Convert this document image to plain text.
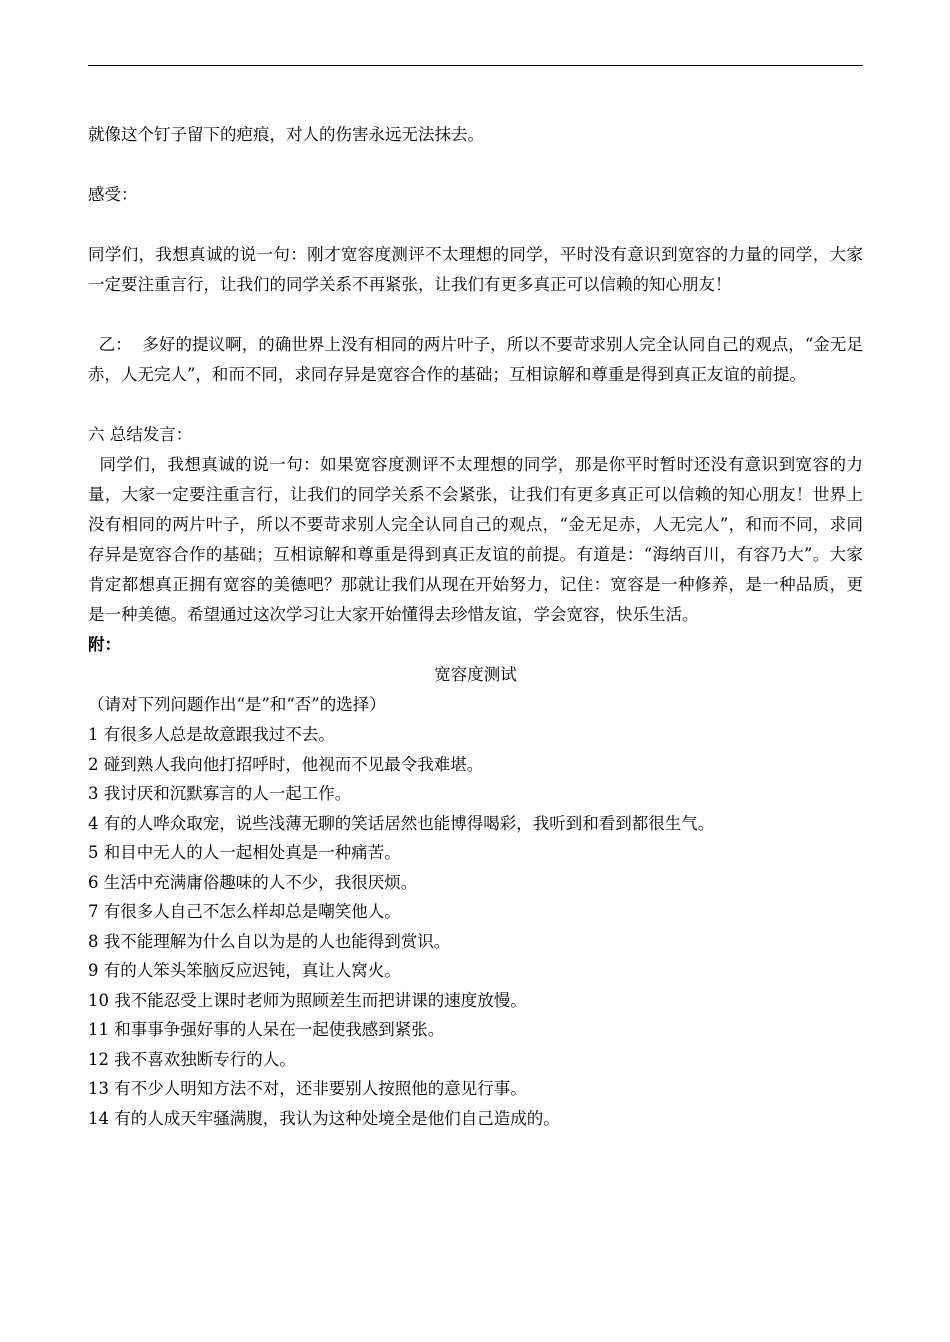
就像这个钉子留下的疤痕，对人的伤害永远无法抹去。

感受：

同学们，我想真诚的说一句：刚才宽容度测评不太理想的同学，平时没有意识到宽容的力量的同学，大家一定要注重言行，让我们的同学关系不再紧张，让我们有更多真正可以信赖的知心朋友！

乙：  多好的提议啊，的确世界上没有相同的两片叶子，所以不要苛求别人完全认同自己的观点，“金无足赤，人无完人”，和而不同，求同存异是宽容合作的基础；互相谅解和尊重是得到真正友谊的前提。

六 总结发言：

同学们，我想真诚的说一句：如果宽容度测评不太理想的同学，那是你平时暂时还没有意识到宽容的力量，大家一定要注重言行，让我们的同学关系不会紧张，让我们有更多真正可以信赖的知心朋友！世界上没有相同的两片叶子，所以不要苛求别人完全认同自己的观点，“金无足赤，人无完人”，和而不同，求同存异是宽容合作的基础；互相谅解和尊重是得到真正友谊的前提。有道是：“海纳百川，有容乃大”。大家肯定都想真正拥有宽容的美德吧？那就让我们从现在开始努力，记住：宽容是一种修养，是一种品质，更是一种美德。希望通过这次学习让大家开始懂得去珍惜友谊，学会宽容，快乐生活。

附：

宽容度测试

（请对下列问题作出“是”和“否”的选择）

1 有很多人总是故意跟我过不去。

2 碰到熟人我向他打招呼时，他视而不见最令我难堪。

3 我讨厌和沉默寡言的人一起工作。

4 有的人哗众取宠，说些浅薄无聊的笑话居然也能博得喝彩，我听到和看到都很生气。

5 和目中无人的人一起相处真是一种痛苦。

6 生活中充满庸俗趣味的人不少，我很厌烦。

7 有很多人自己不怎么样却总是嘲笑他人。

8 我不能理解为什么自以为是的人也能得到赏识。

9 有的人笨头笨脑反应迟钝，真让人窝火。

10 我不能忍受上课时老师为照顾差生而把讲课的速度放慢。

11 和事事争强好事的人呆在一起使我感到紧张。

12 我不喜欢独断专行的人。

13 有不少人明知方法不对，还非要别人按照他的意见行事。

14 有的人成天牢骚满腹，我认为这种处境全是他们自己造成的。
